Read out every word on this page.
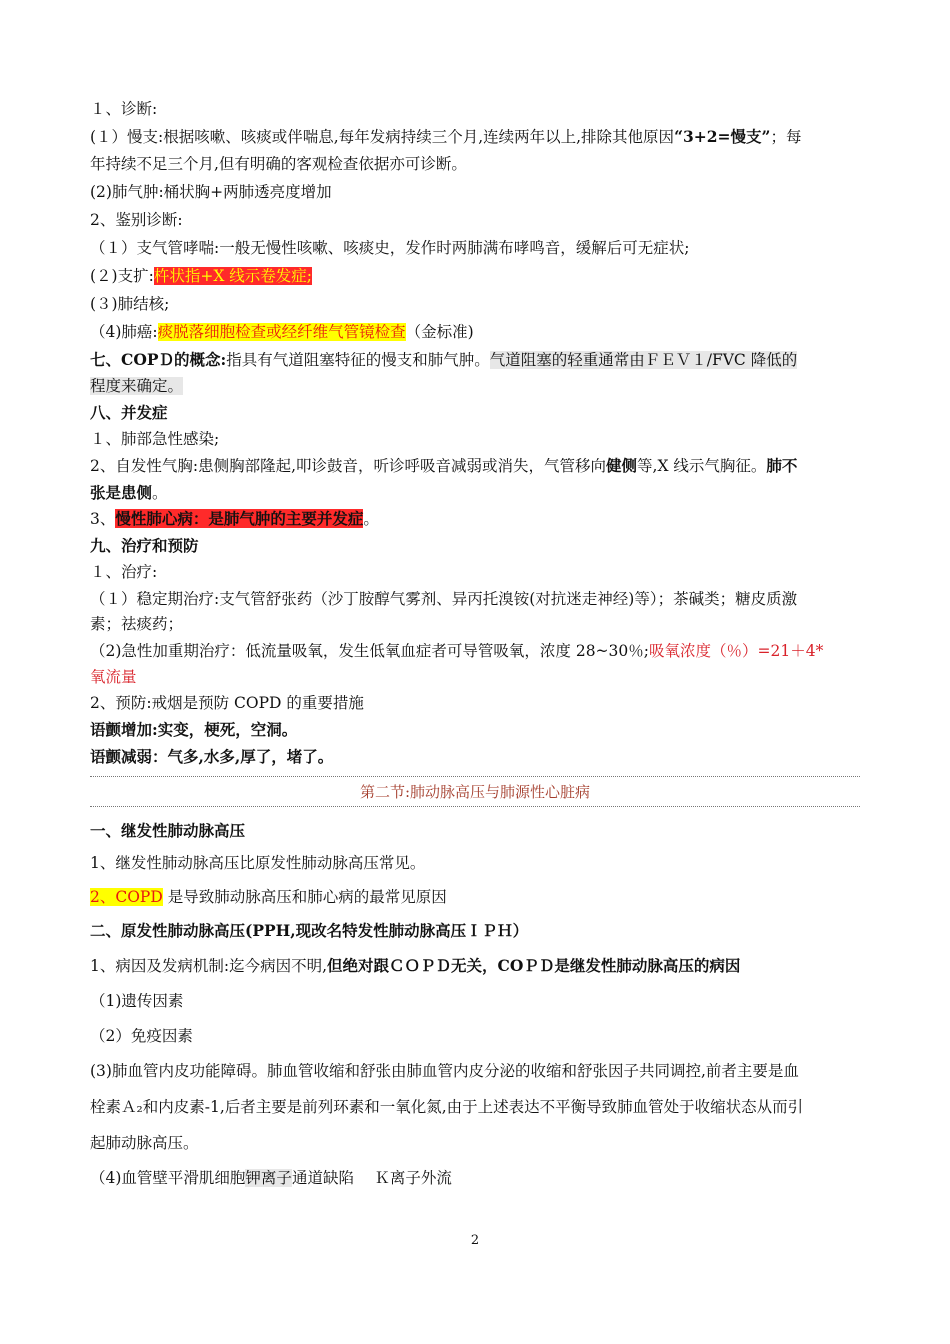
１、诊断:
(１）慢支:根据咳嗽、咳痰或伴喘息,每年发病持续三个月,连续两年以上,排除其他原因“3+2=慢支”；每
年持续不足三个月,但有明确的客观检查依据亦可诊断。
(2)肺气肿:桶状胸+两肺透亮度增加
2、鉴别诊断:
（１）支气管哮喘:一般无慢性咳嗽、咳痰史，发作时两肺满布哮鸣音，缓解后可无症状;
(２)支扩:杵状指+X 线示卷发症;
(３)肺结核;
（4)肺癌:痰脱落细胞检查或经纤维气管镜检查（金标准)
七、COPＤ的概念:指具有气道阻塞特征的慢支和肺气肿。气道阻塞的轻重通常由ＦＥＶ１/FVC 降低的
程度来确定。
八、并发症
１、肺部急性感染;
2、自发性气胸:患侧胸部隆起,叩诊鼓音，听诊呼吸音减弱或消失，气管移向健侧等,X 线示气胸征。肺不
张是患侧。
3、慢性肺心病：是肺气肿的主要并发症。
九、治疗和预防
１、治疗:
（１）稳定期治疗:支气管舒张药（沙丁胺醇气雾剂、异丙托溴铵(对抗迷走神经)等）；茶碱类；糖皮质激
素；祛痰药；
（2)急性加重期治疗：低流量吸氧，发生低氧血症者可导管吸氧，浓度 28~30％;吸氧浓度（％）=21＋4*
氧流量
2、预防:戒烟是预防 COPD 的重要措施
语颤增加:实变，梗死，空洞。
语颤减弱：气多,水多,厚了，堵了。
第二节:肺动脉高压与肺源性心脏病
一、继发性肺动脉高压
1、继发性肺动脉高压比原发性肺动脉高压常见。
2、COPD 是导致肺动脉高压和肺心病的最常见原因
二、原发性肺动脉高压(PPH,现改名特发性肺动脉高压ＩＰＨ）
1、病因及发病机制:迄今病因不明,但绝对跟ＣＯＰＤ无关，COＰＤ是继发性肺动脉高压的病因
（1)遗传因素
（2）免疫因素
(3)肺血管内皮功能障碍。肺血管收缩和舒张由肺血管内皮分泌的收缩和舒张因子共同调控,前者主要是血
栓素Ａ₂和内皮素-1,后者主要是前列环素和一氧化氮,由于上述表达不平衡导致肺血管处于收缩状态从而引
起肺动脉高压。
（4)血管壁平滑肌细胞钾离子通道缺陷 　Ｋ离子外流
2
